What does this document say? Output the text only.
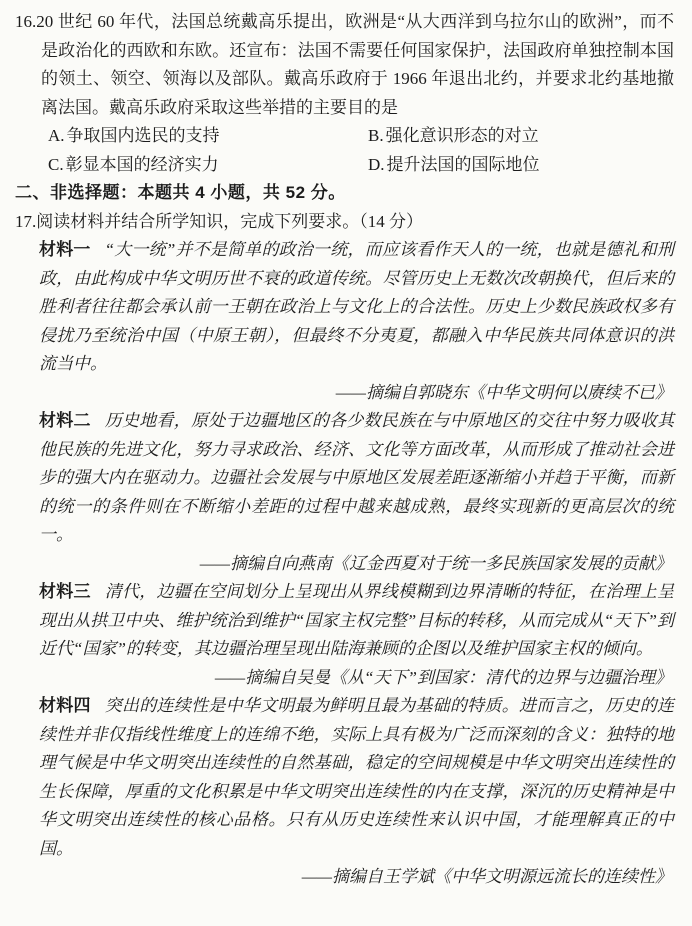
16.20 世纪 60 年代，法国总统戴高乐提出，欧洲是“从大西洋到乌拉尔山的欧洲”，而不是政治化的西欧和东欧。还宣布：法国不需要任何国家保护，法国政府单独控制本国的领土、领空、领海以及部队。戴高乐政府于 1966 年退出北约，并要求北约基地撤离法国。戴高乐政府采取这些举措的主要目的是
A. 争取国内选民的支持	B. 强化意识形态的对立
C. 彰显本国的经济实力	D. 提升法国的国际地位
二、非选择题：本题共 4 小题，共 52 分。
17.阅读材料并结合所学知识，完成下列要求。（14 分）
材料一 “大一统”并不是简单的政治一统，而应该看作天人的一统，也就是德礼和刑政，由此构成中华文明历世不衰的政道传统。尽管历史上无数次改朝换代，但后来的胜利者往往都会承认前一王朝在政治上与文化上的合法性。历史上少数民族政权多有侵扰乃至统治中国（中原王朝），但最终不分夷夏，都融入中华民族共同体意识的洪流当中。
——摘编自郭晓东《中华文明何以赓续不已》
材料二 历史地看，原处于边疆地区的各少数民族在与中原地区的交往中努力吸收其他民族的先进文化，努力寻求政治、经济、文化等方面改革，从而形成了推动社会进步的强大内在驱动力。边疆社会发展与中原地区发展差距逐渐缩小并趋于平衡，而新的统一的条件则在不断缩小差距的过程中越来越成熟，最终实现新的更高层次的统一。
——摘编自向燕南《辽金西夏对于统一多民族国家发展的贡献》
材料三 清代，边疆在空间划分上呈现出从界线模糊到边界清晰的特征，在治理上呈现出从拱卫中央、维护统治到维护“国家主权完整”目标的转移，从而完成从“天下”到近代“国家”的转变，其边疆治理呈现出陆海兼顾的企图以及维护国家主权的倾向。
——摘编自吴曼《从“天下”到国家：清代的边界与边疆治理》
材料四 突出的连续性是中华文明最为鲜明且最为基础的特质。进而言之，历史的连续性并非仅指线性维度上的连绵不绝，实际上具有极为广泛而深刻的含义：独特的地理气候是中华文明突出连续性的自然基础，稳定的空间规模是中华文明突出连续性的生长保障，厚重的文化积累是中华文明突出连续性的内在支撑，深沉的历史精神是中华文明突出连续性的核心品格。只有从历史连续性来认识中国，才能理解真正的中国。
——摘编自王学斌《中华文明源远流长的连续性》
